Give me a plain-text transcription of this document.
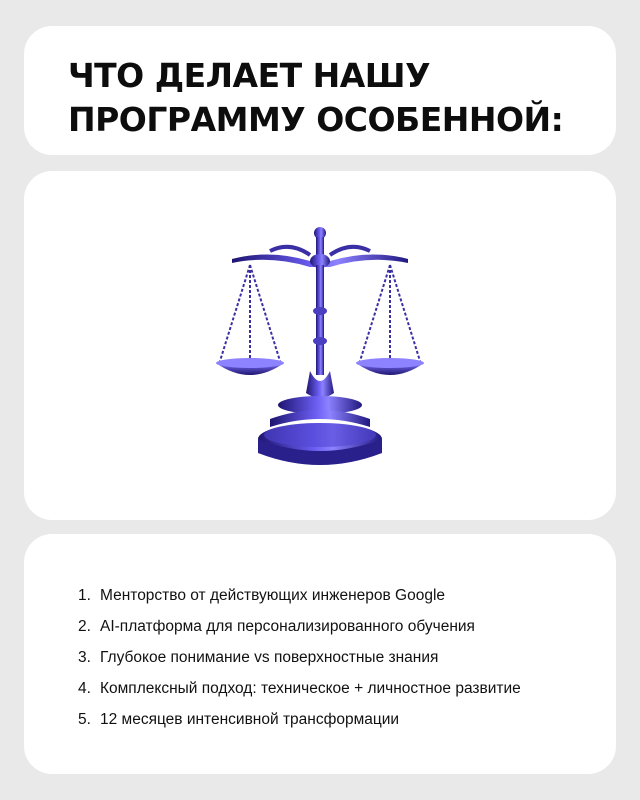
ЧТО ДЕЛАЕТ НАШУ
ПРОГРАММУ ОСОБЕННОЙ:
1. Менторство от действующих инженеров Google
2. AI-платформа для персонализированного обучения
3. Глубокое понимание vs поверхностные знания
4. Комплексный подход: техническое + личностное развитие
5. 12 месяцев интенсивной трансформации
